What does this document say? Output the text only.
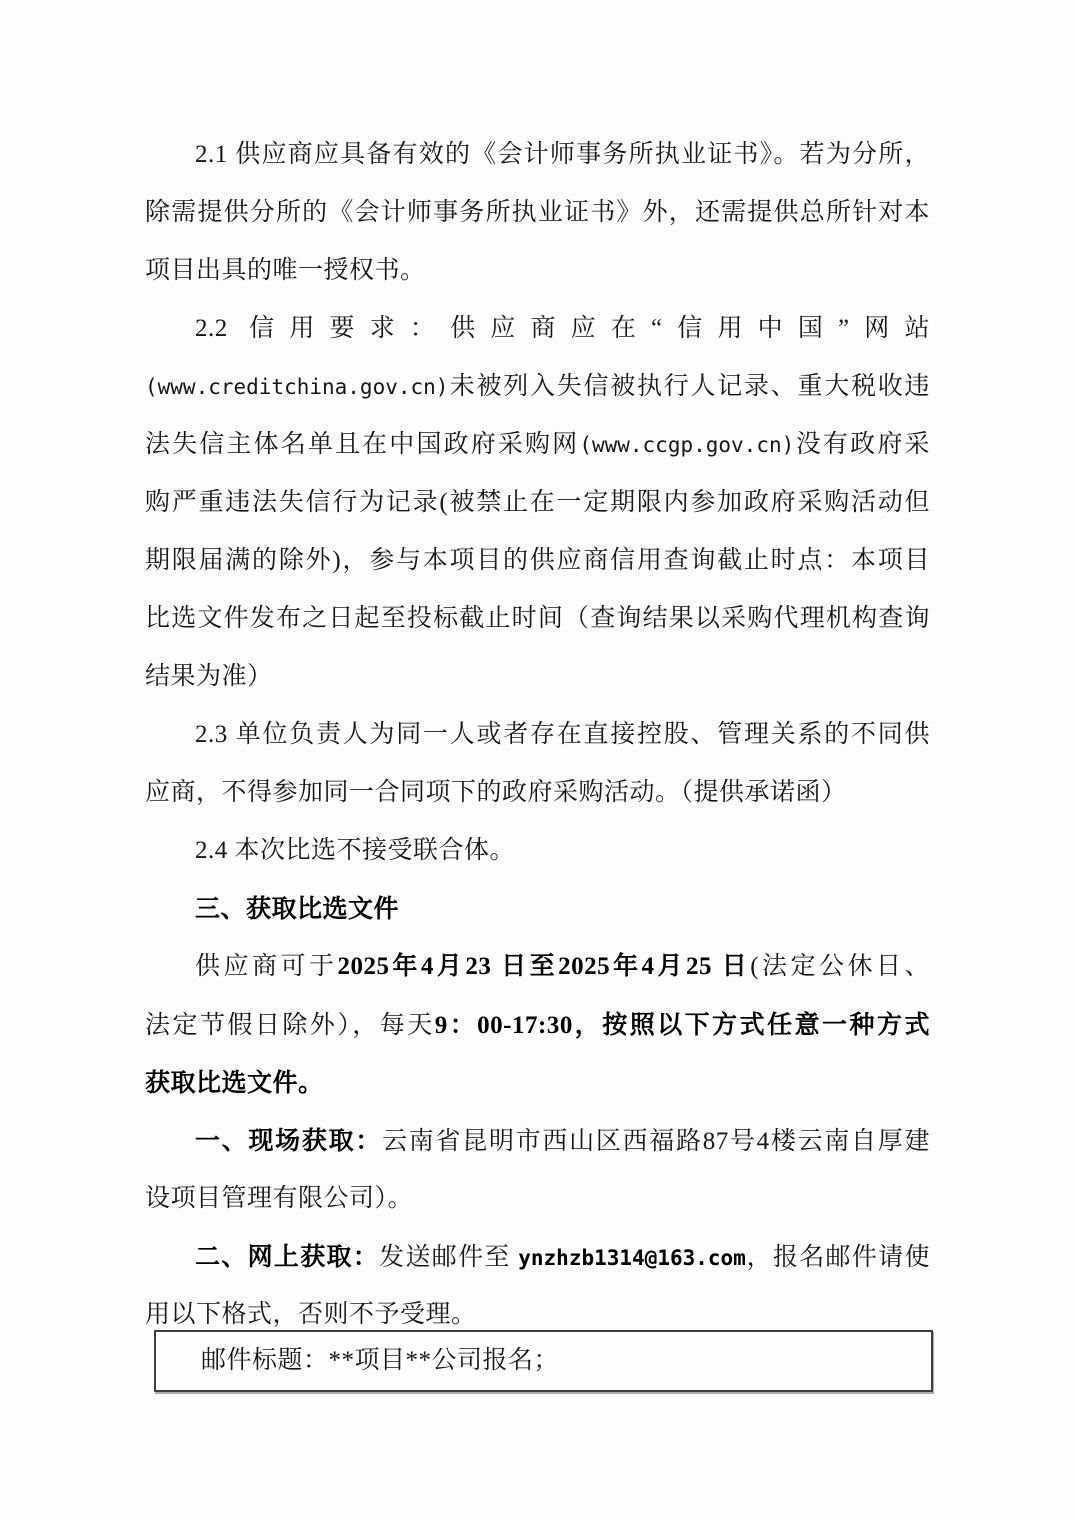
2.1 供应商应具备有效的《会计师事务所执业证书》。若为分所，
除需提供分所的《会计师事务所执业证书》外，还需提供总所针对本
项目出具的唯一授权书。
2.2 信用要求：供应商应在“信用中国”网站
(www.creditchina.gov.cn)未被列入失信被执行人记录、重大税收违
法失信主体名单且在中国政府采购网(www.ccgp.gov.cn)没有政府采
购严重违法失信行为记录(被禁止在一定期限内参加政府采购活动但
期限届满的除外)，参与本项目的供应商信用查询截止时点：本项目
比选文件发布之日起至投标截止时间（查询结果以采购代理机构查询
结果为准）
2.3 单位负责人为同一人或者存在直接控股、管理关系的不同供
应商，不得参加同一合同项下的政府采购活动。（提供承诺函）
2.4 本次比选不接受联合体。
三、获取比选文件
供应商可于2025年4月23 日至2025年4月25 日(法定公休日、
法定节假日除外），每天9：00-17:30，按照以下方式任意一种方式
获取比选文件。
一、现场获取：云南省昆明市西山区西福路87号4楼云南自厚建
设项目管理有限公司）。
二、网上获取：发送邮件至 ynzhzb1314@163.com，报名邮件请使
用以下格式，否则不予受理。
邮件标题：**项目**公司报名；
